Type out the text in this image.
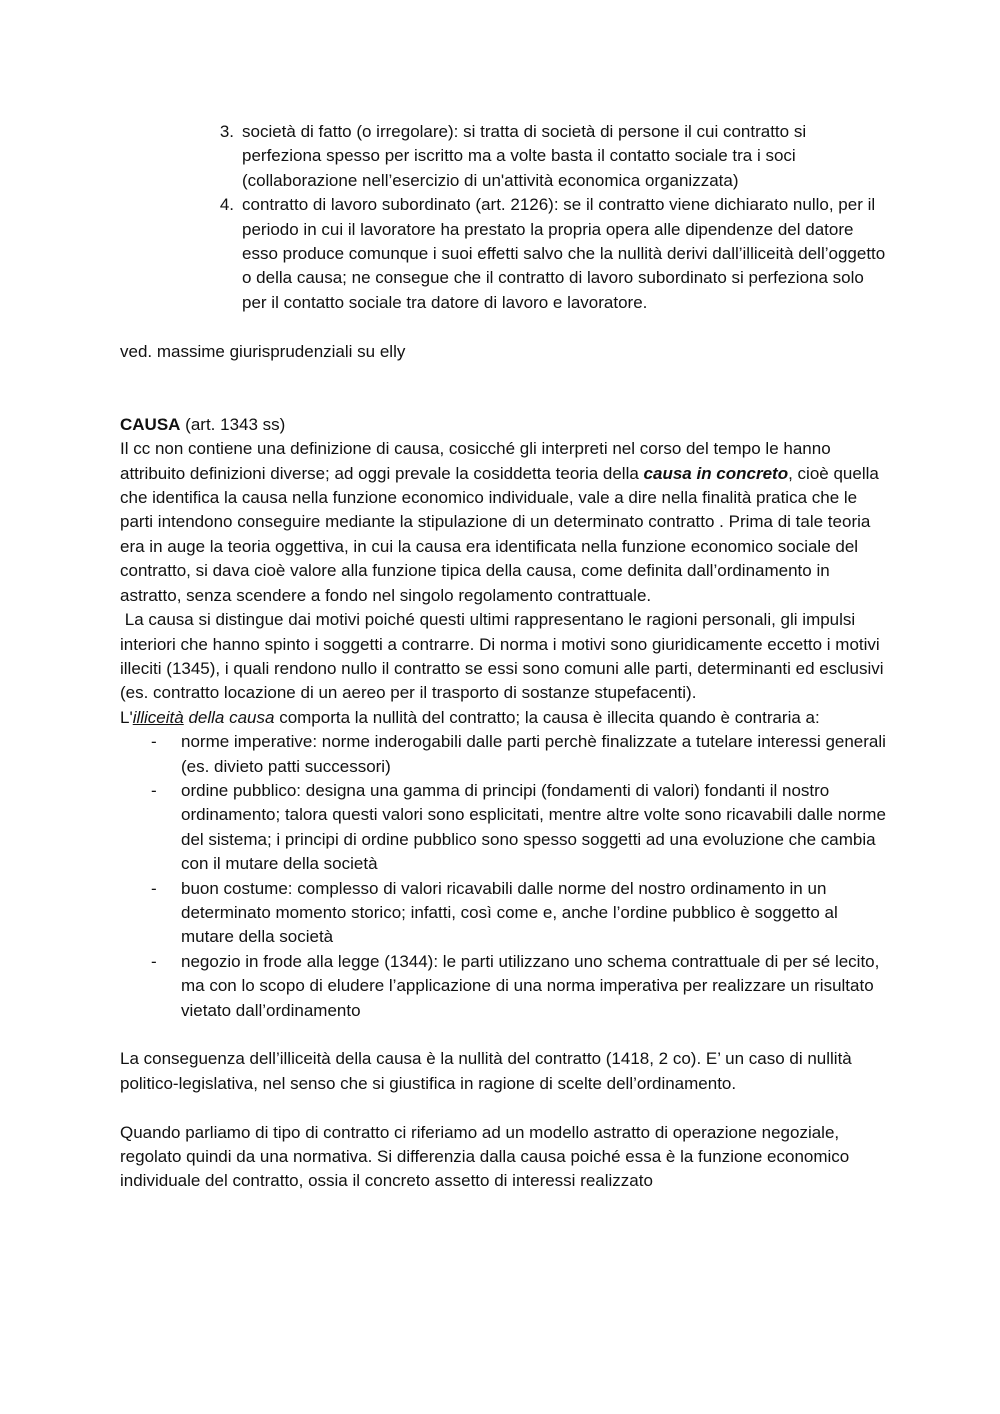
3. società di fatto (o irregolare): si tratta di società di persone il cui contratto si perfeziona spesso per iscritto ma a volte basta il contatto sociale tra i soci (collaborazione nell’esercizio di un'attività economica organizzata)
4. contratto di lavoro subordinato (art. 2126): se il contratto viene dichiarato nullo, per il periodo in cui il lavoratore ha prestato la propria opera alle dipendenze del datore esso produce comunque i suoi effetti salvo che la nullità derivi dall’illiceità dell’oggetto o della causa; ne consegue che il contratto di lavoro subordinato si perfeziona solo per il contatto sociale tra datore di lavoro e lavoratore.

ved. massime giurisprudenziali su elly

CAUSA (art. 1343 ss)

Il cc non contiene una definizione di causa, cosicché gli interpreti nel corso del tempo le hanno attribuito definizioni diverse; ad oggi prevale la cosiddetta teoria della causa in concreto, cioè quella che identifica la causa nella funzione economico individuale, vale a dire nella finalità pratica che le parti intendono conseguire mediante la stipulazione di un determinato contratto . Prima di tale teoria era in auge la teoria oggettiva, in cui la causa era identificata nella funzione economico sociale del contratto, si dava cioè valore alla funzione tipica della causa, come definita dall’ordinamento in astratto, senza scendere a fondo nel singolo regolamento contrattuale.

La causa si distingue dai motivi poiché questi ultimi rappresentano le ragioni personali, gli impulsi interiori che hanno spinto i soggetti a contrarre. Di norma i motivi sono giuridicamente eccetto i motivi illeciti (1345), i quali rendono nullo il contratto se essi sono comuni alle parti, determinanti ed esclusivi (es. contratto locazione di un aereo per il trasporto di sostanze stupefacenti).

L'illiceità della causa comporta la nullità del contratto; la causa è illecita quando è contraria a:

- norme imperative: norme inderogabili dalle parti perchè finalizzate a tutelare interessi generali (es. divieto patti successori)
- ordine pubblico: designa una gamma di principi (fondamenti di valori) fondanti il nostro ordinamento; talora questi valori sono esplicitati, mentre altre volte sono ricavabili dalle norme del sistema; i principi di ordine pubblico sono spesso soggetti ad una evoluzione che cambia con il mutare della società
- buon costume: complesso di valori ricavabili dalle norme del nostro ordinamento in un determinato momento storico; infatti, così come e, anche l’ordine pubblico è soggetto al mutare della società
- negozio in frode alla legge (1344): le parti utilizzano uno schema contrattuale di per sé lecito, ma con lo scopo di eludere l’applicazione di una norma imperativa per realizzare un risultato vietato dall’ordinamento

La conseguenza dell’illiceità della causa è la nullità del contratto (1418, 2 co). E’ un caso di nullità politico-legislativa, nel senso che si giustifica in ragione di scelte dell’ordinamento.

Quando parliamo di tipo di contratto ci riferiamo ad un modello astratto di operazione negoziale, regolato quindi da una normativa. Si differenzia dalla causa poiché essa è la funzione economico individuale del contratto, ossia il concreto assetto di interessi realizzato
